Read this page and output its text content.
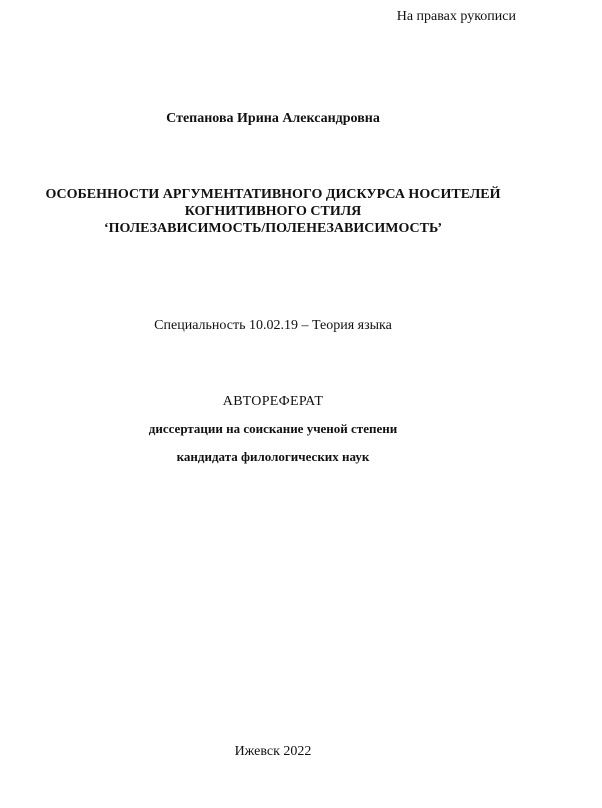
На правах рукописи
Степанова Ирина Александровна
ОСОБЕННОСТИ АРГУМЕНТАТИВНОГО ДИСКУРСА НОСИТЕЛЕЙ
КОГНИТИВНОГО СТИЛЯ
‘ПОЛЕЗАВИСИМОСТЬ/ПОЛЕНЕЗАВИСИМОСТЬ’
Специальность 10.02.19 – Теория языка
АВТОРЕФЕРАТ
диссертации на соискание ученой степени
кандидата филологических наук
Ижевск 2022
